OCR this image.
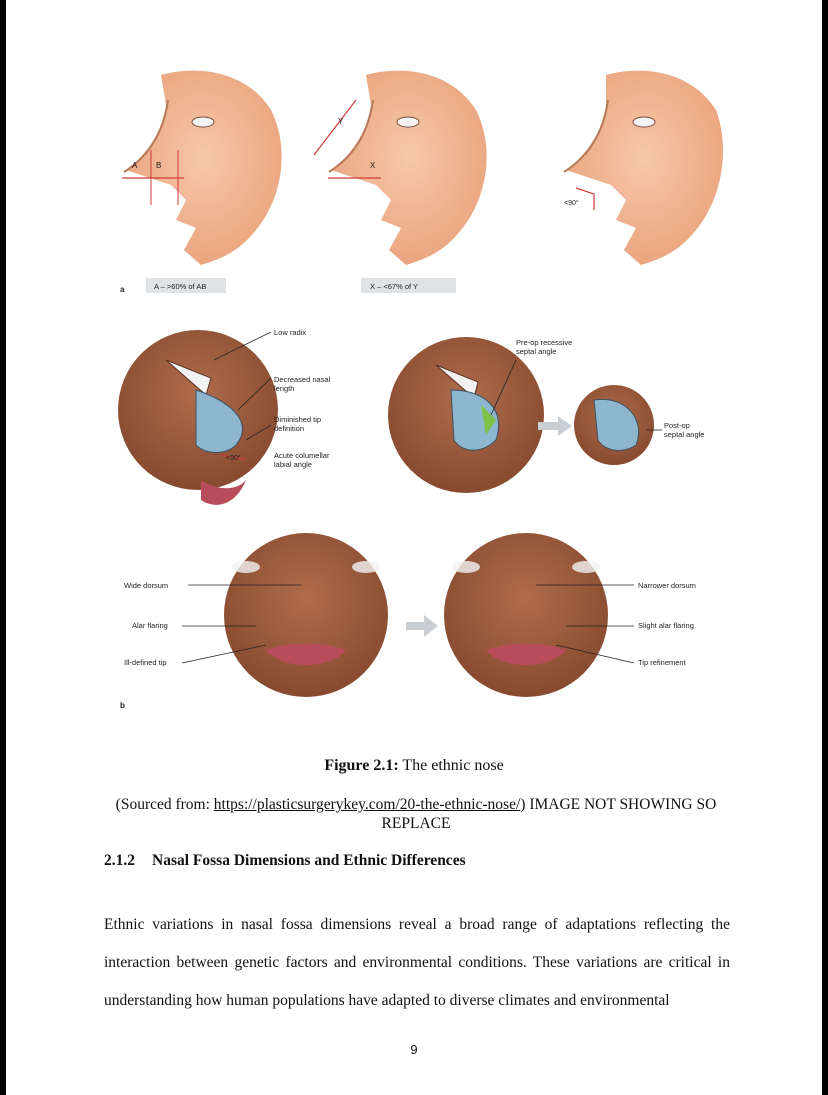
A B
Y
X
<90°
a	A – >60% of AB	X – <67% of Y
Low radix
Decreased nasal
length
Diminished tip
definition
Acute columellar
labial angle
<90°
Pre-op recessive
septal angle
Post-op
septal angle
Wide dorsum
Alar flaring
Ill-defined tip
Narrower dorsum
Slight alar flaring
Tip refinement
b
Figure 2.1: The ethnic nose
(Sourced from: https://plasticsurgerykey.com/20-the-ethnic-nose/) IMAGE NOT SHOWING SO REPLACE
2.1.2 Nasal Fossa Dimensions and Ethnic Differences

Ethnic variations in nasal fossa dimensions reveal a broad range of adaptations reflecting the interaction between genetic factors and environmental conditions. These variations are critical in understanding how human populations have adapted to diverse climates and environmental

9
